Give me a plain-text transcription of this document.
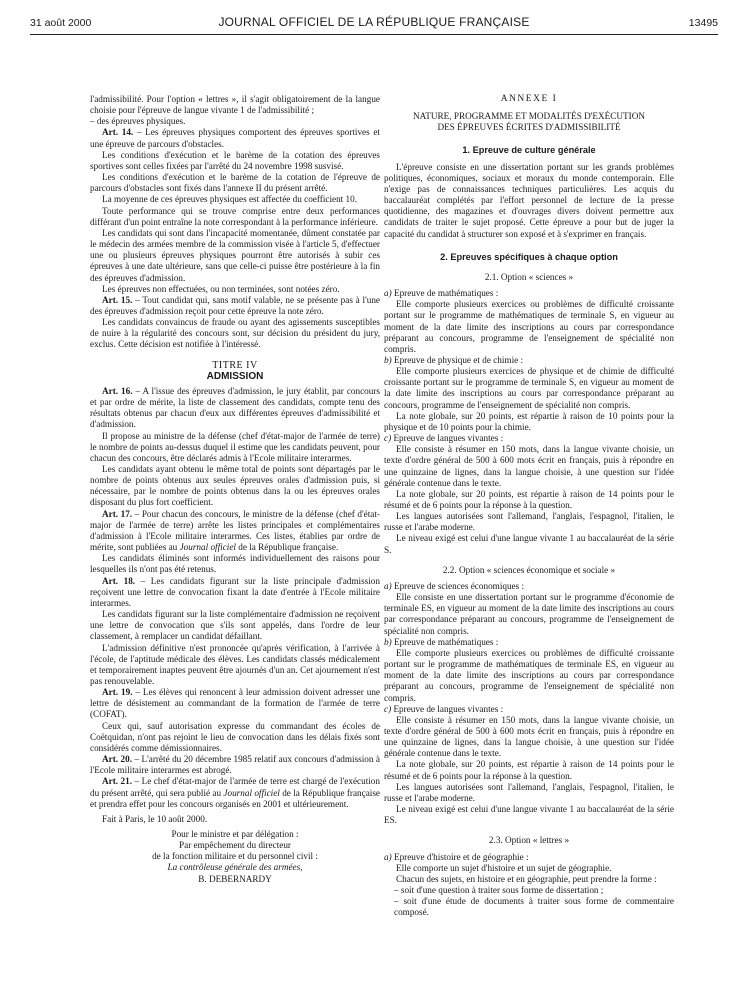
31 août 2000	JOURNAL OFFICIEL DE LA RÉPUBLIQUE FRANÇAISE	13495

l'admissibilité. Pour l'option « lettres », il s'agit obligatoirement de la langue choisie pour l'épreuve de langue vivante 1 de l'admissibilité ;

– des épreuves physiques.

Art. 14. – Les épreuves physiques comportent des épreuves sportives et une épreuve de parcours d'obstacles.

Les conditions d'exécution et le barème de la cotation des épreuves sportives sont celles fixées par l'arrêté du 24 novembre 1998 susvisé.

Les conditions d'exécution et le barème de la cotation de l'épreuve de parcours d'obstacles sont fixés dans l'annexe II du présent arrêté.

La moyenne de ces épreuves physiques est affectée du coefficient 10.

Toute performance qui se trouve comprise entre deux performances différant d'un point entraîne la note correspondant à la performance inférieure.

Les candidats qui sont dans l'incapacité momentanée, dûment constatée par le médecin des armées membre de la commission visée à l'article 5, d'effectuer une ou plusieurs épreuves physiques pourront être autorisés à subir ces épreuves à une date ultérieure, sans que celle-ci puisse être postérieure à la fin des épreuves d'admission.

Les épreuves non effectuées, ou non terminées, sont notées zéro.

Art. 15. – Tout candidat qui, sans motif valable, ne se présente pas à l'une des épreuves d'admission reçoit pour cette épreuve la note zéro.

Les candidats convaincus de fraude ou ayant des agissements susceptibles de nuire à la régularité des concours sont, sur décision du président du jury, exclus. Cette décision est notifiée à l'intéressé.

TITRE IV

ADMISSION

Art. 16. – A l'issue des épreuves d'admission, le jury établit, par concours et par ordre de mérite, la liste de classement des candidats, compte tenu des résultats obtenus par chacun d'eux aux différentes épreuves d'admissibilité et d'admission.

Il propose au ministre de la défense (chef d'état-major de l'armée de terre) le nombre de points au-dessus duquel il estime que les candidats peuvent, pour chacun des concours, être déclarés admis à l'Ecole militaire interarmes.

Les candidats ayant obtenu le même total de points sont départagés par le nombre de points obtenus aux seules épreuves orales d'admission puis, si nécessaire, par le nombre de points obtenus dans la ou les épreuves orales disposant du plus fort coefficient.

Art. 17. – Pour chacun des concours, le ministre de la défense (chef d'état-major de l'armée de terre) arrête les listes principales et complémentaires d'admission à l'Ecole militaire interarmes. Ces listes, établies par ordre de mérite, sont publiées au Journal officiel de la République française.

Les candidats éliminés sont informés individuellement des raisons pour lesquelles ils n'ont pas été retenus.

Art. 18. – Les candidats figurant sur la liste principale d'admission reçoivent une lettre de convocation fixant la date d'entrée à l'Ecole militaire interarmes.

Les candidats figurant sur la liste complémentaire d'admission ne reçoivent une lettre de convocation que s'ils sont appelés, dans l'ordre de leur classement, à remplacer un candidat défaillant.

L'admission définitive n'est prononcée qu'après vérification, à l'arrivée à l'école, de l'aptitude médicale des élèves. Les candidats classés médicalement et temporairement inaptes peuvent être ajournés d'un an. Cet ajournement n'est pas renouvelable.

Art. 19. – Les élèves qui renoncent à leur admission doivent adresser une lettre de désistement au commandant de la formation de l'armée de terre (COFAT).

Ceux qui, sauf autorisation expresse du commandant des écoles de Coëtquidan, n'ont pas rejoint le lieu de convocation dans les délais fixés sont considérés comme démissionnaires.

Art. 20. – L'arrêté du 20 décembre 1985 relatif aux concours d'admission à l'Ecole militaire interarmes est abrogé.

Art. 21. – Le chef d'état-major de l'armée de terre est chargé de l'exécution du présent arrêté, qui sera publié au Journal officiel de la République française et prendra effet pour les concours organisés en 2001 et ultérieurement.

Fait à Paris, le 10 août 2000.

Pour le ministre et par délégation :

Par empêchement du directeur

de la fonction militaire et du personnel civil :

La contrôleuse générale des armées,

B. DEBERNARDY

ANNEXE I

NATURE, PROGRAMME ET MODALITÉS D'EXÉCUTION

DES ÉPREUVES ÉCRITES D'ADMISSIBILITÉ

1. Epreuve de culture générale

L'épreuve consiste en une dissertation portant sur les grands problèmes politiques, économiques, sociaux et moraux du monde contemporain. Elle n'exige pas de connaissances techniques particulières. Les acquis du baccalauréat complétés par l'effort personnel de lecture de la presse quotidienne, des magazines et d'ouvrages divers doivent permettre aux candidats de traiter le sujet proposé. Cette épreuve a pour but de juger la capacité du candidat à structurer son exposé et à s'exprimer en français.

2. Epreuves spécifiques à chaque option

2.1. Option « sciences »

a) Epreuve de mathématiques :

Elle comporte plusieurs exercices ou problèmes de difficulté croissante portant sur le programme de mathématiques de terminale S, en vigueur au moment de la date limite des inscriptions au cours par correspondance préparant au concours, programme de l'enseignement de spécialité non compris.

b) Epreuve de physique et de chimie :

Elle comporte plusieurs exercices de physique et de chimie de difficulté croissante portant sur le programme de terminale S, en vigueur au moment de la date limite des inscriptions au cours par correspondance préparant au concours, programme de l'enseignement de spécialité non compris.

La note globale, sur 20 points, est répartie à raison de 10 points pour la physique et de 10 points pour la chimie.

c) Epreuve de langues vivantes :

Elle consiste à résumer en 150 mots, dans la langue vivante choisie, un texte d'ordre général de 500 à 600 mots écrit en français, puis à répondre en une quinzaine de lignes, dans la langue choisie, à une question sur l'idée générale contenue dans le texte.

La note globale, sur 20 points, est répartie à raison de 14 points pour le résumé et de 6 points pour la réponse à la question.

Les langues autorisées sont l'allemand, l'anglais, l'espagnol, l'italien, le russe et l'arabe moderne.

Le niveau exigé est celui d'une langue vivante 1 au baccalauréat de la série S.

2.2. Option « sciences économique et sociale »

a) Epreuve de sciences économiques :

Elle consiste en une dissertation portant sur le programme d'économie de terminale ES, en vigueur au moment de la date limite des inscriptions au cours par correspondance préparant au concours, programme de l'enseignement de spécialité non compris.

b) Epreuve de mathématiques :

Elle comporte plusieurs exercices ou problèmes de difficulté croissante portant sur le programme de mathématiques de terminale ES, en vigueur au moment de la date limite des inscriptions au cours par correspondance préparant au concours, programme de l'enseignement de spécialité non compris.

c) Epreuve de langues vivantes :

Elle consiste à résumer en 150 mots, dans la langue vivante choisie, un texte d'ordre général de 500 à 600 mots écrit en français, puis à répondre en une quinzaine de lignes, dans la langue choisie, à une question sur l'idée générale contenue dans le texte.

La note globale, sur 20 points, est répartie à raison de 14 points pour le résumé et de 6 points pour la réponse à la question.

Les langues autorisées sont l'allemand, l'anglais, l'espagnol, l'italien, le russe et l'arabe moderne.

Le niveau exigé est celui d'une langue vivante 1 au baccalauréat de la série ES.

2.3. Option « lettres »

a) Epreuve d'histoire et de géographie :

Elle comporte un sujet d'histoire et un sujet de géographie.

Chacun des sujets, en histoire et en géographie, peut prendre la forme :

– soit d'une question à traiter sous forme de dissertation ;

– soit d'une étude de documents à traiter sous forme de commentaire composé.
